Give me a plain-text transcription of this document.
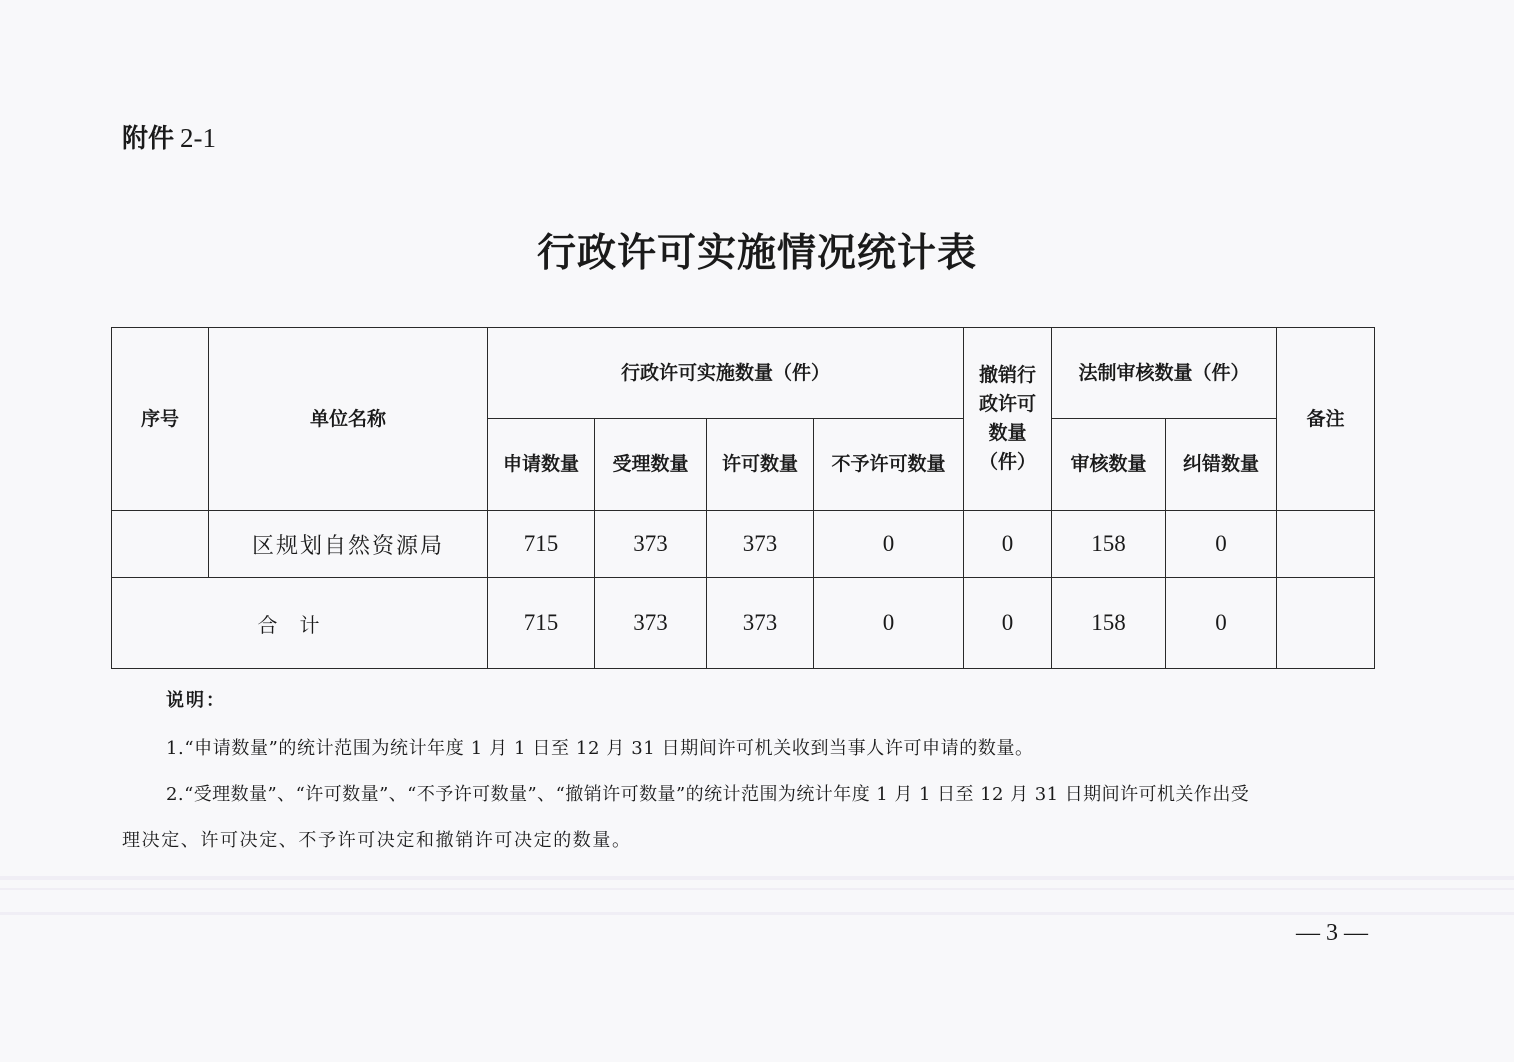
附件 2-1
行政许可实施情况统计表
序号	单位名称	行政许可实施数量（件）				撤销行政许可数量（件）	法制审核数量（件）		备注
		申请数量	受理数量	许可数量	不予许可数量		审核数量	纠错数量	
	区规划自然资源局	715	373	373	0	0	158	0	
合计		715	373	373	0	0	158	0	
说明：
1.“申请数量”的统计范围为统计年度 1 月 1 日至 12 月 31 日期间许可机关收到当事人许可申请的数量。
2.“受理数量”、“许可数量”、“不予许可数量”、“撤销许可数量”的统计范围为统计年度 1 月 1 日至 12 月 31 日期间许可机关作出受
理决定、许可决定、不予许可决定和撤销许可决定的数量。
— 3 —
